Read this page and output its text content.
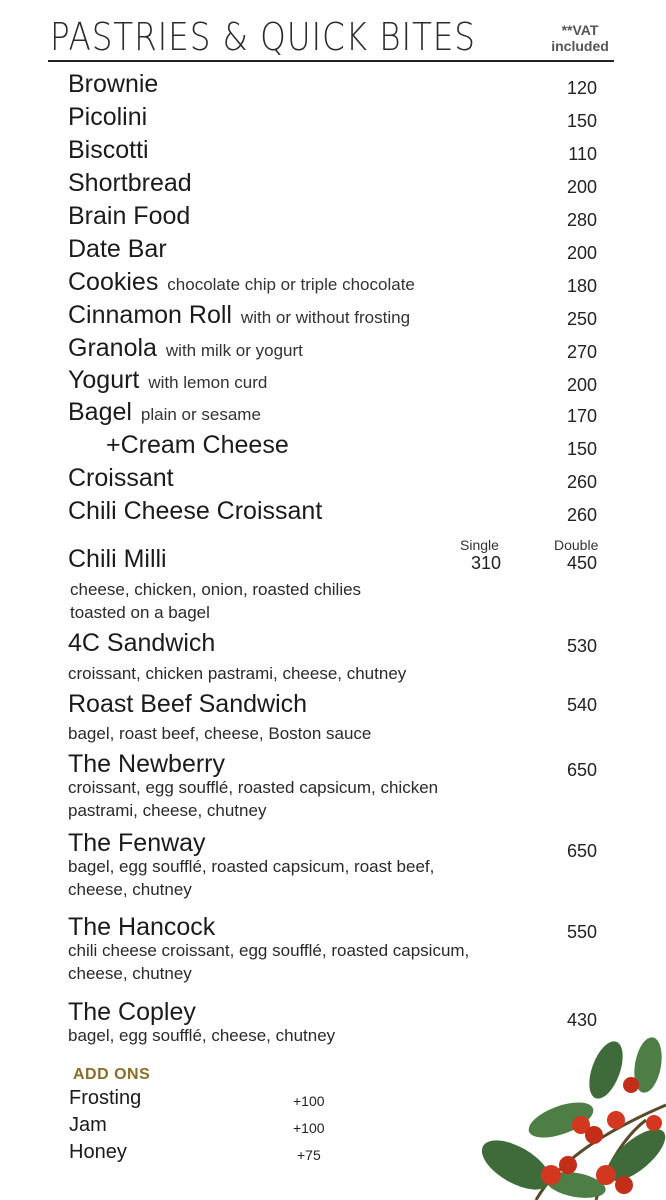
PASTRIES & QUICK BITES	**VAT
included
Brownie	120
Picolini	150
Biscotti	110
Shortbread	200
Brain Food	280
Date Bar	200
Cookies chocolate chip or triple chocolate	180
Cinnamon Roll with or without frosting	250
Granola with milk or yogurt	270
Yogurt with lemon curd	200
Bagel plain or sesame	170
+Cream Cheese	150
Croissant	260
Chili Cheese Croissant	260
Single	Double
Chili Milli	310	450
cheese, chicken, onion, roasted chilies
toasted on a bagel
4C Sandwich	530
croissant, chicken pastrami, cheese, chutney
Roast Beef Sandwich	540
bagel, roast beef, cheese, Boston sauce
The Newberry	650
croissant, egg soufflé, roasted capsicum, chicken
pastrami, cheese, chutney
The Fenway	650
bagel, egg soufflé, roasted capsicum, roast beef,
cheese, chutney
The Hancock	550
chili cheese croissant, egg soufflé, roasted capsicum,
cheese, chutney
The Copley	430
bagel, egg soufflé, cheese, chutney
ADD ONS
Frosting	+100
Jam	+100
Honey	+75
